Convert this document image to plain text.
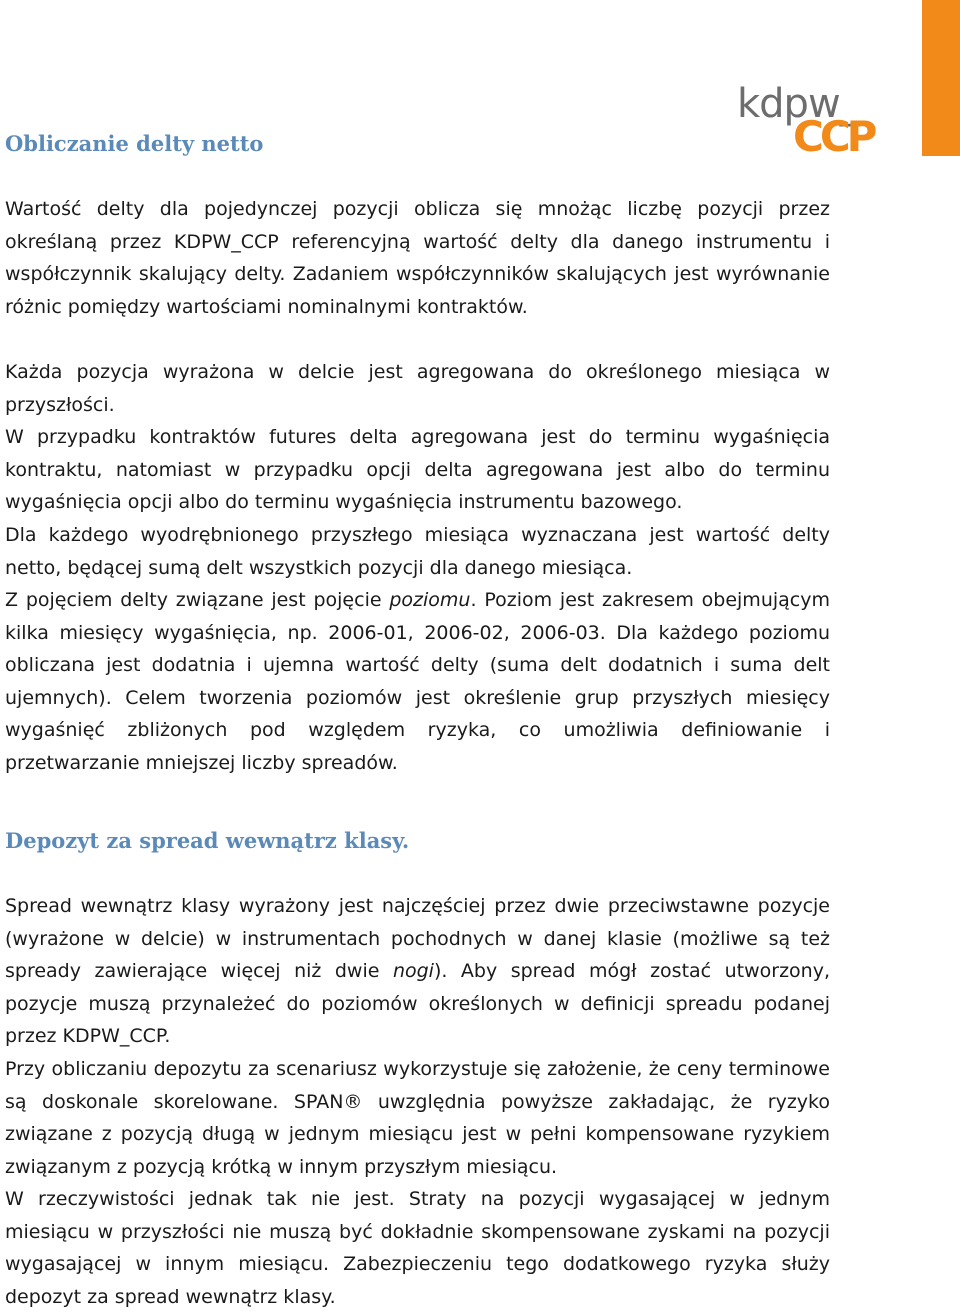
kdpw_
CCP
Obliczanie delty netto

Wartość delty dla pojedynczej pozycji oblicza się mnożąc liczbę pozycji przez określaną przez KDPW_CCP referencyjną wartość delty dla danego instrumentu i współczynnik skalujący delty. Zadaniem współczynników skalujących jest wyrównanie różnic pomiędzy wartościami nominalnymi kontraktów.

Każda pozycja wyrażona w delcie jest agregowana do określonego miesiąca w przyszłości.

W przypadku kontraktów futures delta agregowana jest do terminu wygaśnięcia kontraktu, natomiast w przypadku opcji delta agregowana jest albo do terminu wygaśnięcia opcji albo do terminu wygaśnięcia instrumentu bazowego.

Dla każdego wyodrębnionego przyszłego miesiąca wyznaczana jest wartość delty netto, będącej sumą delt wszystkich pozycji dla danego miesiąca.

Z pojęciem delty związane jest pojęcie poziomu. Poziom jest zakresem obejmującym kilka miesięcy wygaśnięcia, np. 2006-01, 2006-02, 2006-03. Dla każdego poziomu obliczana jest dodatnia i ujemna wartość delty (suma delt dodatnich i suma delt ujemnych). Celem tworzenia poziomów jest określenie grup przyszłych miesięcy wygaśnięć zbliżonych pod względem ryzyka, co umożliwia definiowanie i przetwarzanie mniejszej liczby spreadów.

Depozyt za spread wewnątrz klasy.

Spread wewnątrz klasy wyrażony jest najczęściej przez dwie przeciwstawne pozycje (wyrażone w delcie) w instrumentach pochodnych w danej klasie (możliwe są też spready zawierające więcej niż dwie nogi). Aby spread mógł zostać utworzony, pozycje muszą przynależeć do poziomów określonych w definicji spreadu podanej przez KDPW_CCP.

Przy obliczaniu depozytu za scenariusz wykorzystuje się założenie, że ceny terminowe są doskonale skorelowane. SPAN® uwzględnia powyższe zakładając, że ryzyko związane z pozycją długą w jednym miesiącu jest w pełni kompensowane ryzykiem związanym z pozycją krótką w innym przyszłym miesiącu.

W rzeczywistości jednak tak nie jest. Straty na pozycji wygasającej w jednym miesiącu w przyszłości nie muszą być dokładnie skompensowane zyskami na pozycji wygasającej w innym miesiącu. Zabezpieczeniu tego dodatkowego ryzyka służy depozyt za spread wewnątrz klasy.
